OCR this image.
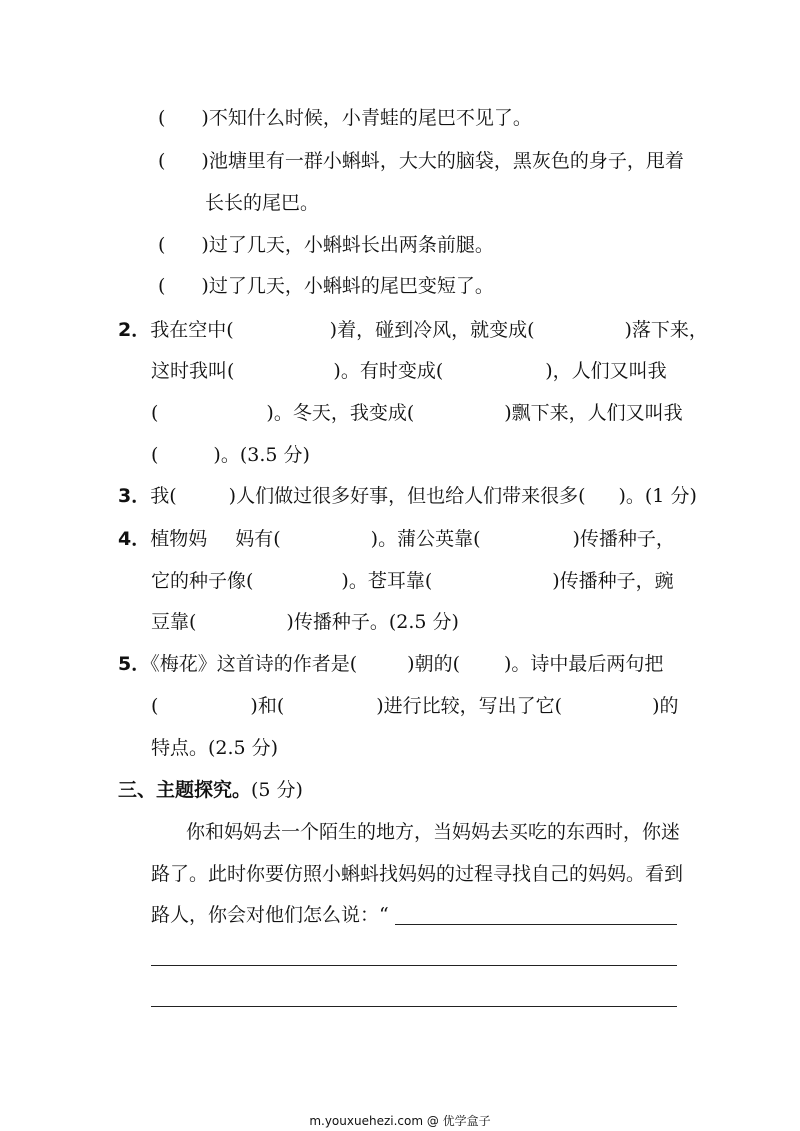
( )不知什么时候，小青蛙的尾巴不见了。
( )池塘里有一群小蝌蚪，大大的脑袋，黑灰色的身子，甩着
长长的尾巴。
( )过了几天，小蝌蚪长出两条前腿。
( )过了几天，小蝌蚪的尾巴变短了。
2．我在空中(	)着，碰到冷风，就变成(	)落下来，
这时我叫(	)。有时变成(	)，人们又叫我
(	)。冬天，我变成(	)飘下来，人们又叫我
(	)。(3.5 分)
3．我(	)人们做过很多好事，但也给人们带来很多( )。(1 分)
4．植物妈 妈有(	)。蒲公英靠(	)传播种子，
它的种子像(	)。苍耳靠(	)传播种子，豌
豆靠(	)传播种子。(2.5 分)
5．《梅花》这首诗的作者是(	)朝的( )。诗中最后两句把
(	)和(	)进行比较，写出了它(	)的
特点。(2.5 分)
三、主题探究。(5 分)
你和妈妈去一个陌生的地方，当妈妈去买吃的东西时，你迷
路了。此时你要仿照小蝌蚪找妈妈的过程寻找自己的妈妈。看到
路人，你会对他们怎么说：“
m.youxuehezi.com @ 优学盒子
